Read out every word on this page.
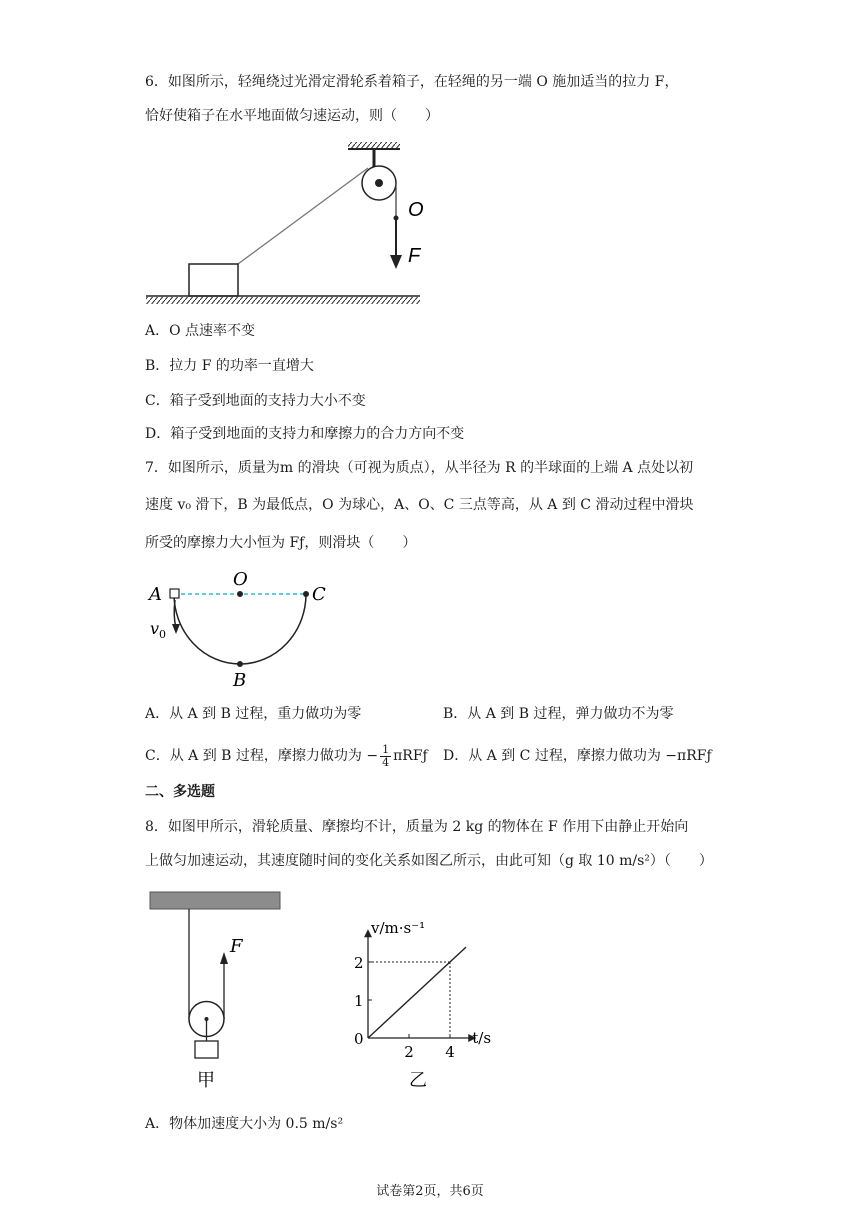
6．如图所示，轻绳绕过光滑定滑轮系着箱子，在轻绳的另一端 O 施加适当的拉力 F，
恰好使箱子在水平地面做匀速运动，则（　　）
O
F
A．O 点速率不变
B．拉力 F 的功率一直增大
C．箱子受到地面的支持力大小不变
D．箱子受到地面的支持力和摩擦力的合力方向不变
7．如图所示，质量为m 的滑块（可视为质点），从半径为 R 的半球面的上端 A 点处以初
速度 v₀ 滑下，B 为最低点，O 为球心，A、O、C 三点等高，从 A 到 C 滑动过程中滑块
所受的摩擦力大小恒为 Fƒ，则滑块（　　）
A
O
C
B
$v_0$
A．从 A 到 B 过程，重力做功为零	B．从 A 到 B 过程，弹力做功不为零
C．从 A 到 B 过程，摩擦力做功为 − $\frac{1}{4}$ πRFƒ D．从 A 到 C 过程，摩擦力做功为 −πRFƒ
二、多选题
8．如图甲所示，滑轮质量、摩擦均不计，质量为 2 kg 的物体在 F 作用下由静止开始向
上做匀加速运动，其速度随时间的变化关系如图乙所示，由此可知（g 取 10 m/s²）（　　）
F
甲
v/m·s⁻¹
t/s
0
2 4
1
2
乙
A．物体加速度大小为 0.5 m/s²
试卷第2页，共6页
